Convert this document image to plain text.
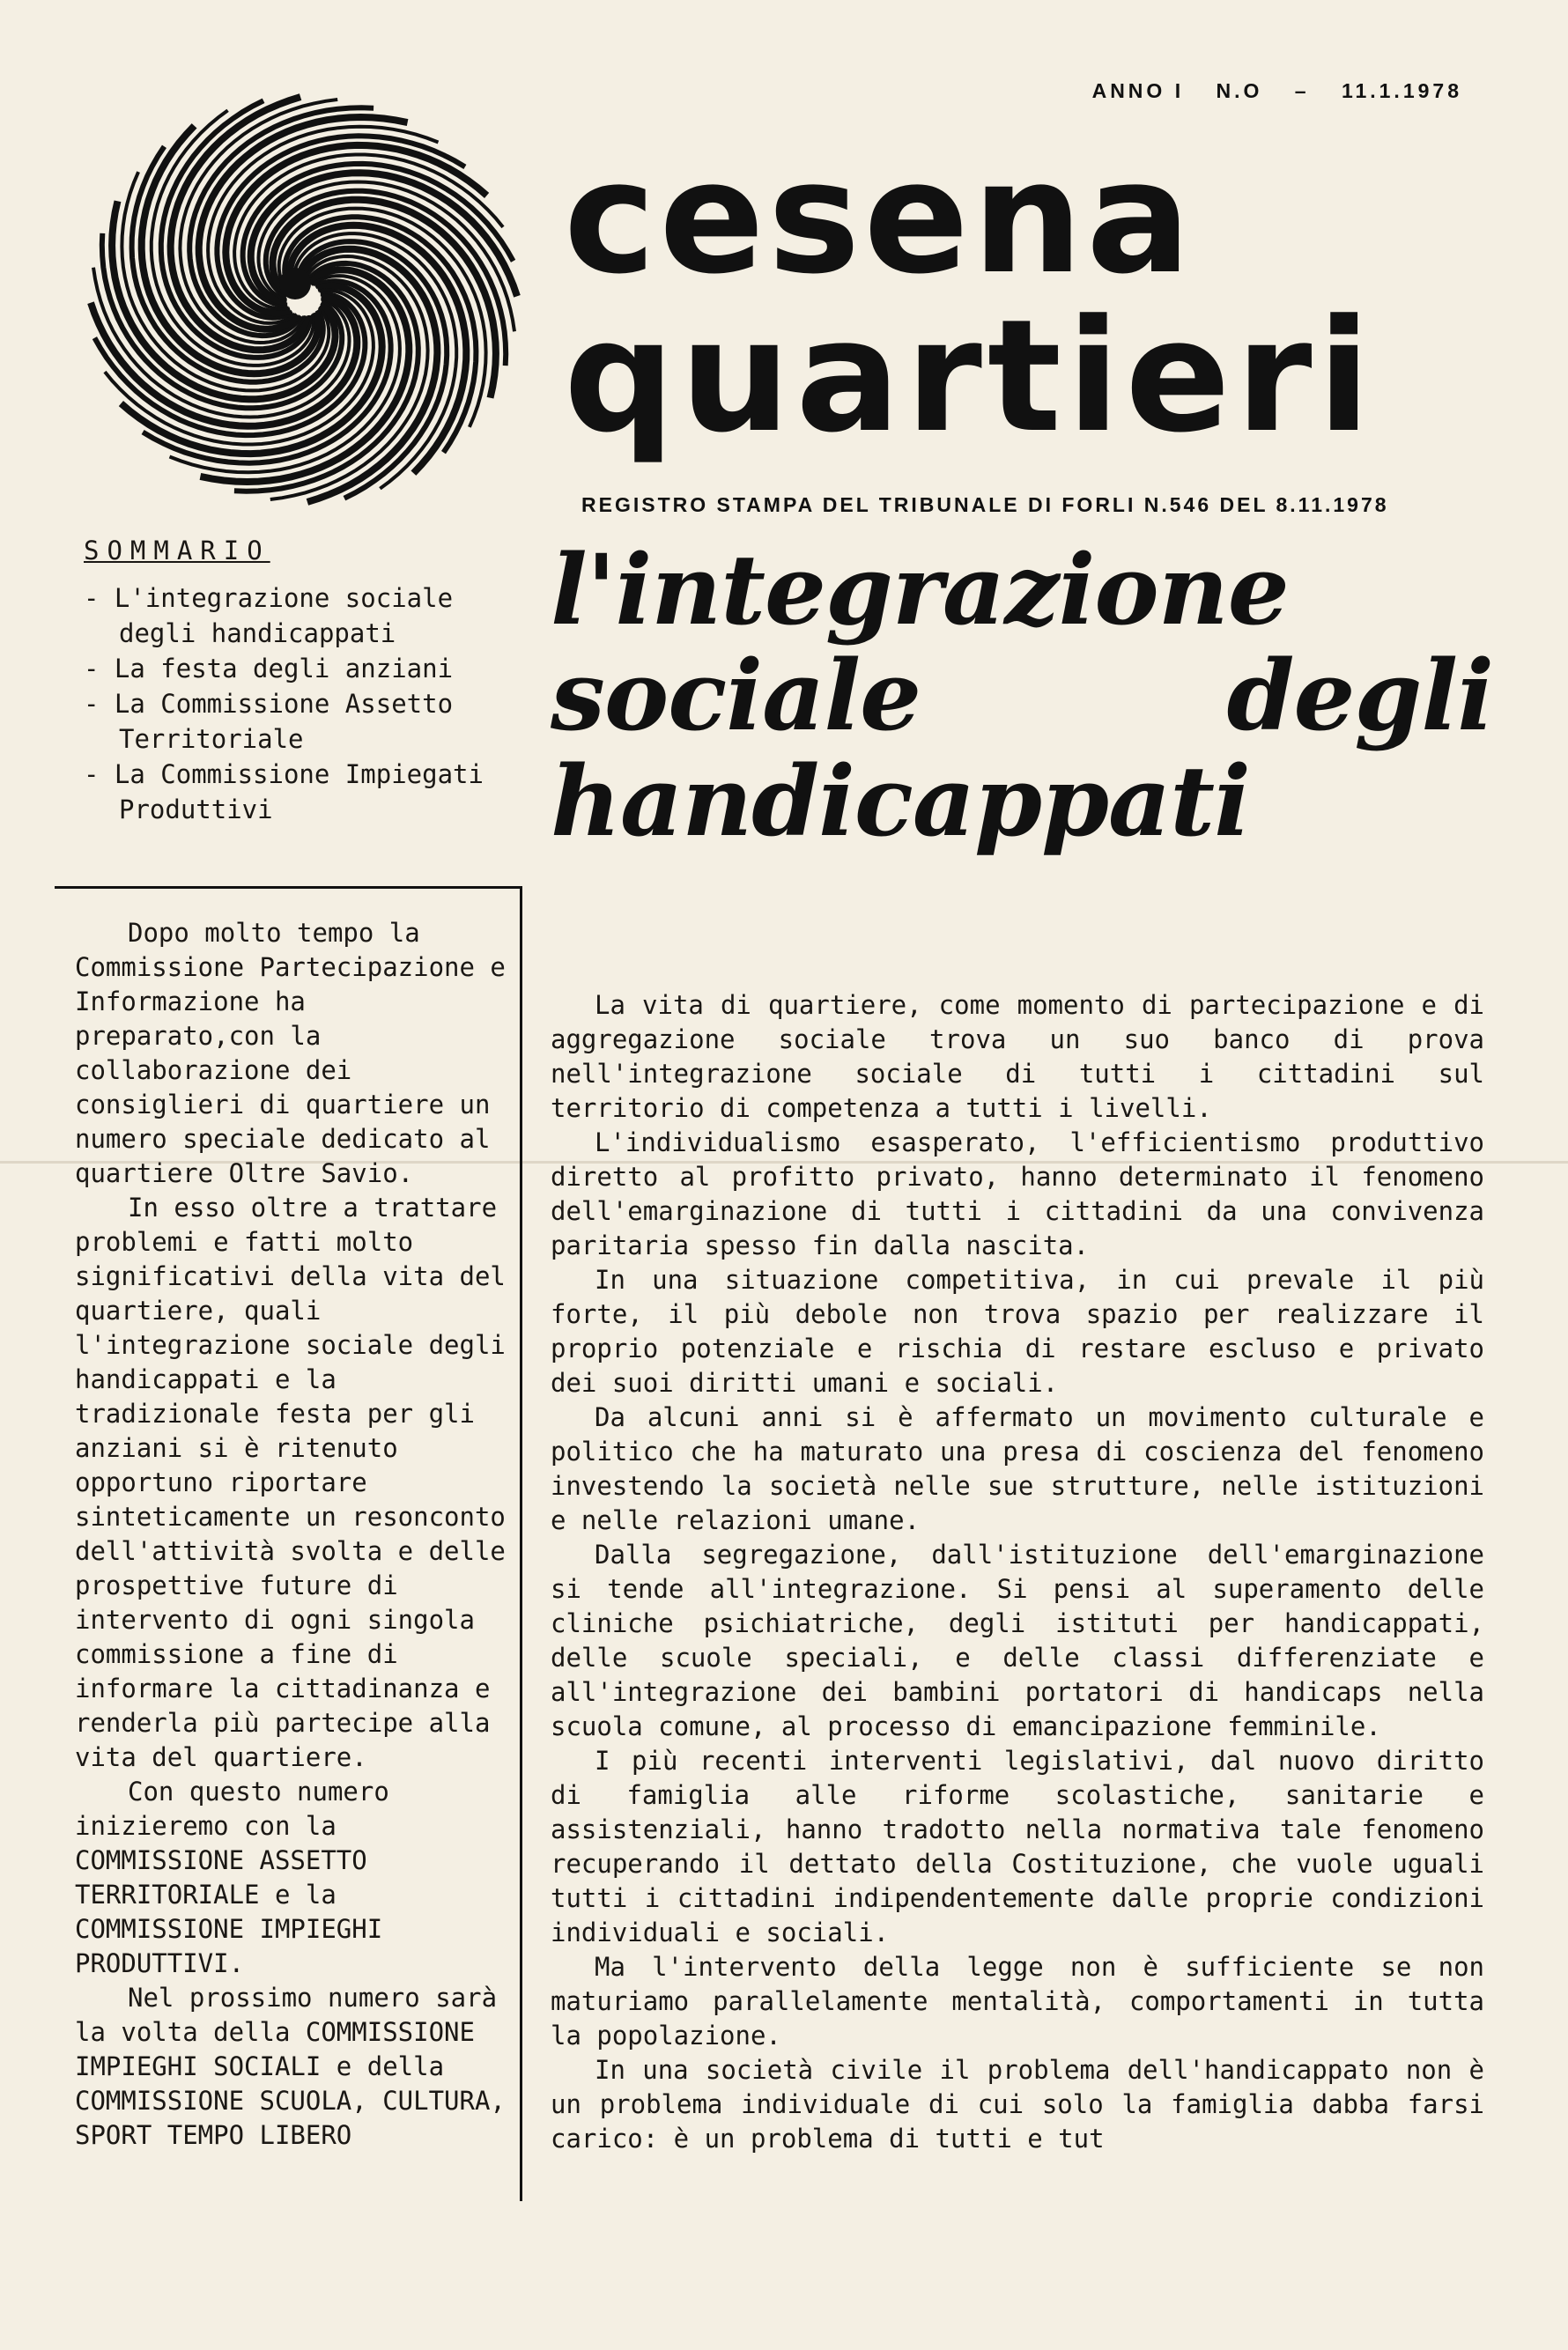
ANNO I N.O – 11.1.1978
cesena
quartieri
REGISTRO STAMPA DEL TRIBUNALE DI FORLI N.546 DEL 8.11.1978
l'integrazione
sociale degli
handicappati
SOMMARIO
- L'integrazione sociale degli handicappati
- La festa degli anziani
- La Commissione Assetto Territoriale
- La Commissione Impiegati Produttivi

Dopo molto tempo la Commissione Partecipazione e Informazione ha preparato,con la collaborazione dei consiglieri di quartiere un numero speciale dedicato al quartiere Oltre Savio.

In esso oltre a trattare problemi e fatti molto significativi della vita del quartiere, quali l'integrazione sociale degli handicappati e la tradizionale festa per gli anziani si è ritenuto opportuno riportare sinteticamente un resonconto dell'attività svolta e delle prospettive future di intervento di ogni singola commissione a fine di informare la cittadinanza e renderla più partecipe alla vita del quartiere.

Con questo numero inizieremo con la COMMISSIONE ASSETTO TERRITORIALE e la COMMISSIONE IMPIEGHI PRODUTTIVI.

Nel prossimo numero sarà la volta della COMMISSIONE IMPIEGHI SOCIALI e della COMMISSIONE SCUOLA, CULTURA, SPORT TEMPO LIBERO

La vita di quartiere, come momento di partecipazione e di aggregazione sociale trova un suo banco di prova nell'integrazione sociale di tutti i cittadini sul territorio di competenza a tutti i livelli.

L'individualismo esasperato, l'efficientismo produttivo diretto al profitto privato, hanno determinato il fenomeno dell'emarginazione di tutti i cittadini da una convivenza paritaria spesso fin dalla nascita.

In una situazione competitiva, in cui prevale il più forte, il più debole non trova spazio per realizzare il proprio potenziale e rischia di restare escluso e privato dei suoi diritti umani e sociali.

Da alcuni anni si è affermato un movimento culturale e politico che ha maturato una presa di coscienza del fenomeno investendo la società nelle sue strutture, nelle istituzioni e nelle relazioni umane.

Dalla segregazione, dall'istituzione dell'emarginazione si tende all'integrazione. Si pensi al superamento delle cliniche psichiatriche, degli istituti per handicappati, delle scuole speciali, e delle classi differenziate e all'integrazione dei bambini portatori di handicaps nella scuola comune, al processo di emancipazione femminile.

I più recenti interventi legislativi, dal nuovo diritto di famiglia alle riforme scolastiche, sanitarie e assistenziali, hanno tradotto nella normativa tale fenomeno recuperando il dettato della Costituzione, che vuole uguali tutti i cittadini indipendentemente dalle proprie condizioni individuali e sociali.

Ma l'intervento della legge non è sufficiente se non maturiamo parallelamente mentalità, comportamenti in tutta la popolazione.

In una società civile il problema dell'handicappato non è un problema individuale di cui solo la famiglia dabba farsi carico: è un problema di tutti e tut
